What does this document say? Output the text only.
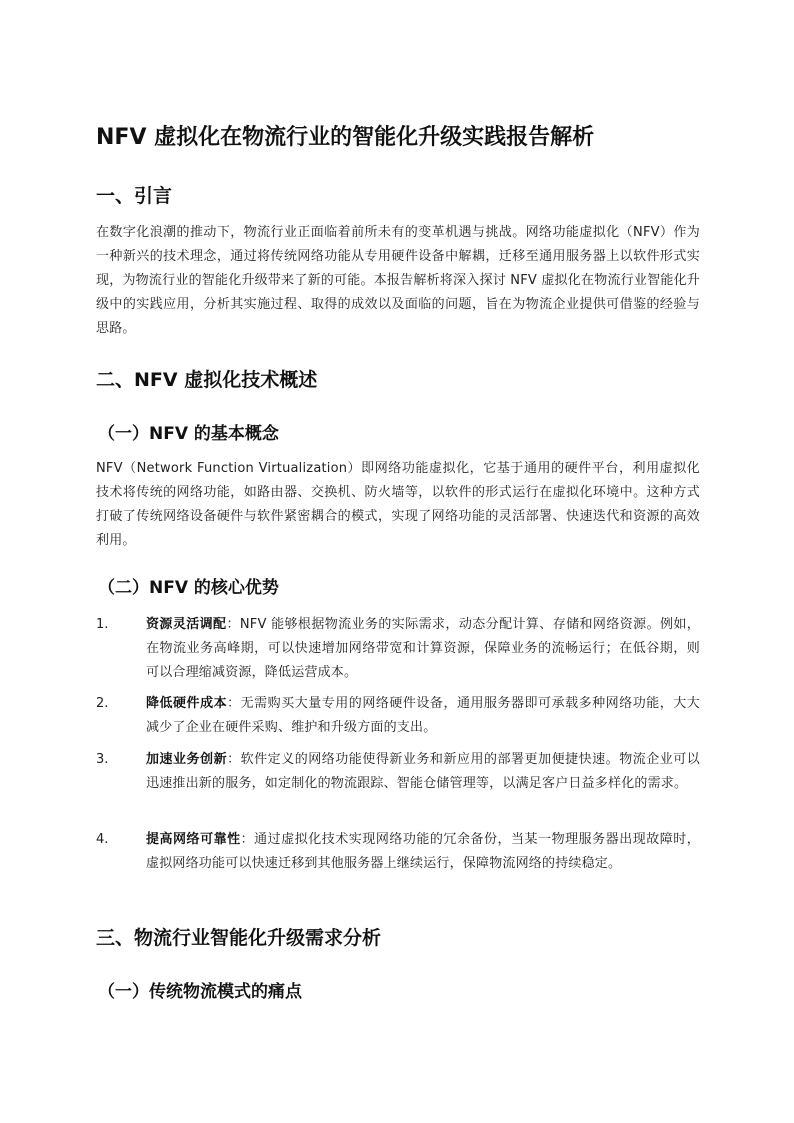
NFV 虚拟化在物流行业的智能化升级实践报告解析
一、引言

在数字化浪潮的推动下，物流行业正面临着前所未有的变革机遇与挑战。网络功能虚拟化（NFV）作为一种新兴的技术理念，通过将传统网络功能从专用硬件设备中解耦，迁移至通用服务器上以软件形式实现，为物流行业的智能化升级带来了新的可能。本报告解析将深入探讨 NFV 虚拟化在物流行业智能化升级中的实践应用，分析其实施过程、取得的成效以及面临的问题，旨在为物流企业提供可借鉴的经验与思路。

二、NFV 虚拟化技术概述
（一）NFV 的基本概念

NFV（Network Function Virtualization）即网络功能虚拟化，它基于通用的硬件平台，利用虚拟化技术将传统的网络功能，如路由器、交换机、防火墙等，以软件的形式运行在虚拟化环境中。这种方式打破了传统网络设备硬件与软件紧密耦合的模式，实现了网络功能的灵活部署、快速迭代和资源的高效利用。

（二）NFV 的核心优势
1.	资源灵活调配：NFV 能够根据物流业务的实际需求，动态分配计算、存储和网络资源。例如，在物流业务高峰期，可以快速增加网络带宽和计算资源，保障业务的流畅运行；在低谷期，则可以合理缩减资源，降低运营成本。
2.	降低硬件成本：无需购买大量专用的网络硬件设备，通用服务器即可承载多种网络功能，大大减少了企业在硬件采购、维护和升级方面的支出。
3.	加速业务创新：软件定义的网络功能使得新业务和新应用的部署更加便捷快速。物流企业可以迅速推出新的服务，如定制化的物流跟踪、智能仓储管理等，以满足客户日益多样化的需求。
4.	提高网络可靠性：通过虚拟化技术实现网络功能的冗余备份，当某一物理服务器出现故障时，虚拟网络功能可以快速迁移到其他服务器上继续运行，保障物流网络的持续稳定。
三、物流行业智能化升级需求分析
（一）传统物流模式的痛点
